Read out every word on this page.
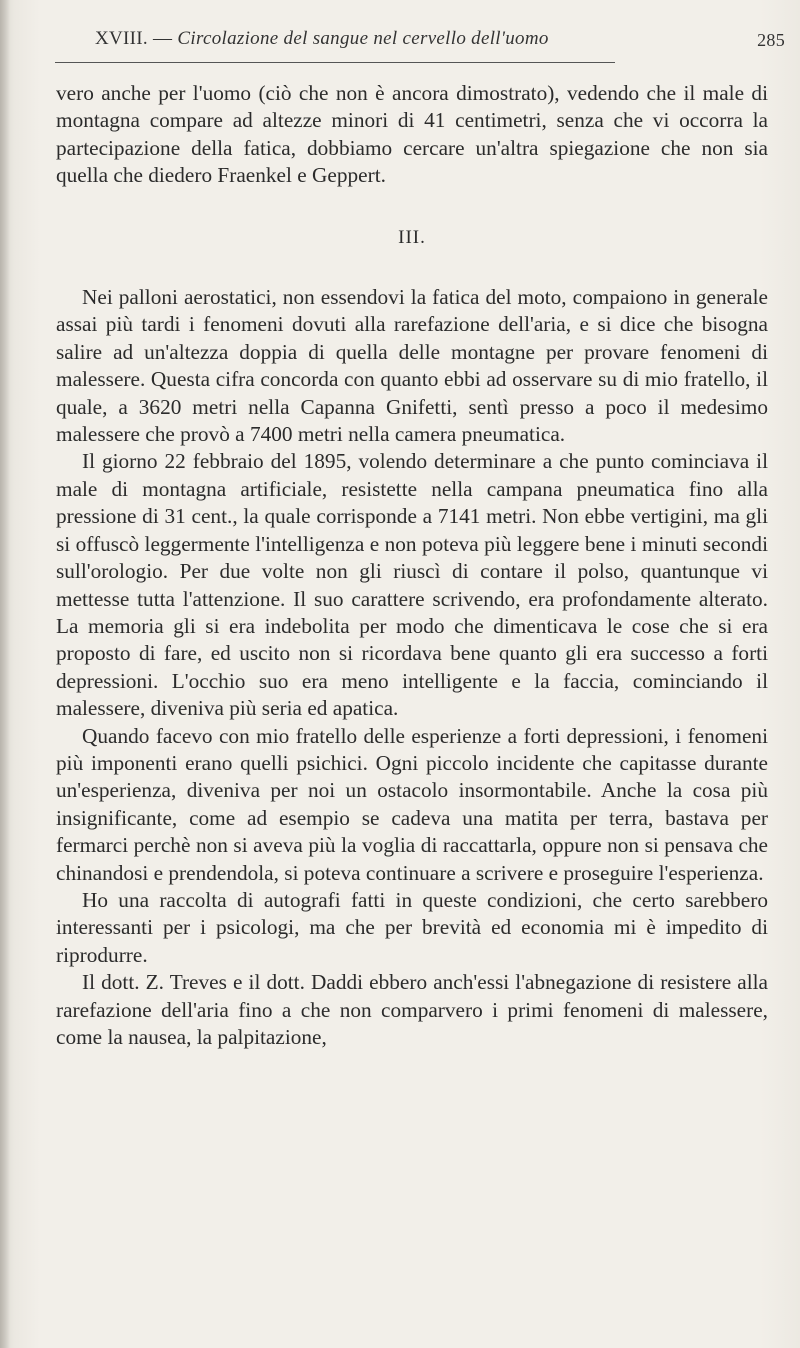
XVIII. — Circolazione del sangue nel cervello dell'uomo	285

vero anche per l'uomo (ciò che non è ancora dimostrato), vedendo che il male di montagna compare ad altezze minori di 41 centimetri, senza che vi occorra la partecipazione della fatica, dobbiamo cercare un'altra spiegazione che non sia quella che diedero Fraenkel e Geppert.

III.

Nei palloni aerostatici, non essendovi la fatica del moto, compaiono in generale assai più tardi i fenomeni dovuti alla rarefazione dell'aria, e si dice che bisogna salire ad un'altezza doppia di quella delle montagne per provare fenomeni di malessere. Questa cifra concorda con quanto ebbi ad osservare su di mio fratello, il quale, a 3620 metri nella Capanna Gnifetti, sentì presso a poco il medesimo malessere che provò a 7400 metri nella camera pneumatica.

Il giorno 22 febbraio del 1895, volendo determinare a che punto cominciava il male di montagna artificiale, resistette nella campana pneumatica fino alla pressione di 31 cent., la quale corrisponde a 7141 metri. Non ebbe vertigini, ma gli si offuscò leggermente l'intelligenza e non poteva più leggere bene i minuti secondi sull'orologio. Per due volte non gli riuscì di contare il polso, quantunque vi mettesse tutta l'attenzione. Il suo carattere scrivendo, era profondamente alterato. La memoria gli si era indebolita per modo che dimenticava le cose che si era proposto di fare, ed uscito non si ricordava bene quanto gli era successo a forti depressioni. L'occhio suo era meno intelligente e la faccia, cominciando il malessere, diveniva più seria ed apatica.

Quando facevo con mio fratello delle esperienze a forti depressioni, i fenomeni più imponenti erano quelli psichici. Ogni piccolo incidente che capitasse durante un'esperienza, diveniva per noi un ostacolo insormontabile. Anche la cosa più insignificante, come ad esempio se cadeva una matita per terra, bastava per fermarci perchè non si aveva più la voglia di raccattarla, oppure non si pensava che chinandosi e prendendola, si poteva continuare a scrivere e proseguire l'esperienza.

Ho una raccolta di autografi fatti in queste condizioni, che certo sarebbero interessanti per i psicologi, ma che per brevità ed economia mi è impedito di riprodurre.

Il dott. Z. Treves e il dott. Daddi ebbero anch'essi l'abnegazione di resistere alla rarefazione dell'aria fino a che non comparvero i primi fenomeni di malessere, come la nausea, la palpitazione,
